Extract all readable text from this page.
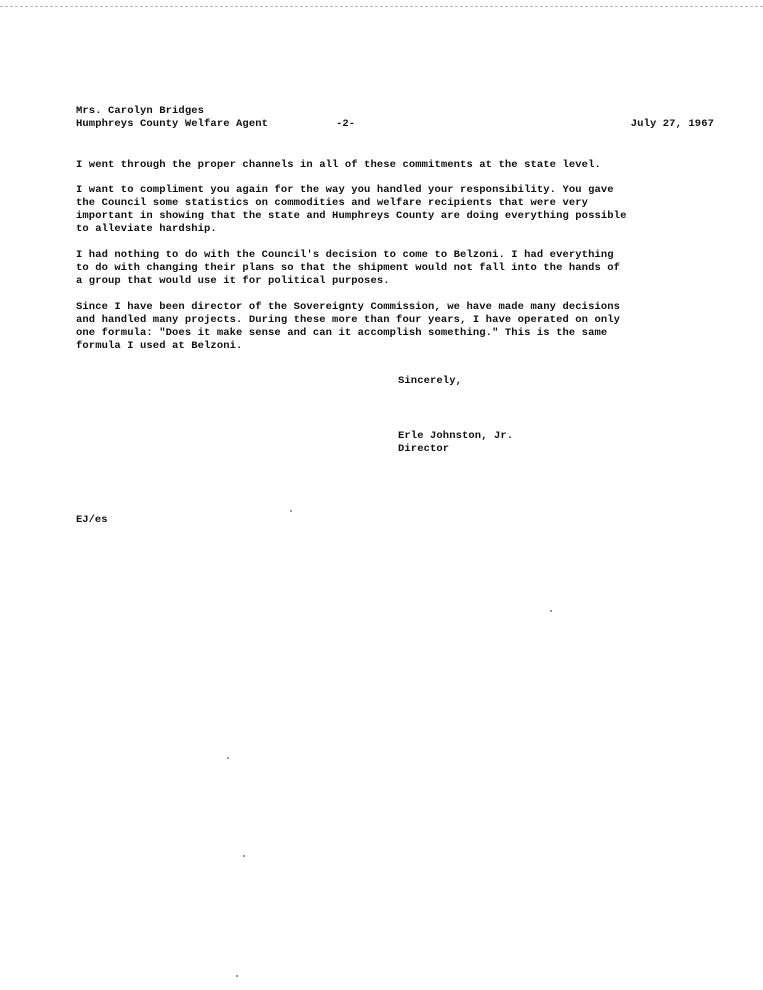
Mrs. Carolyn Bridges
Humphreys County Welfare Agent	-2-	July 27, 1967

I went through the proper channels in all of these commitments at the state level.

I want to compliment you again for the way you handled your responsibility. You gave
the Council some statistics on commodities and welfare recipients that were very
important in showing that the state and Humphreys County are doing everything possible
to alleviate hardship.

I had nothing to do with the Council's decision to come to Belzoni. I had everything
to do with changing their plans so that the shipment would not fall into the hands of
a group that would use it for political purposes.

Since I have been director of the Sovereignty Commission, we have made many decisions
and handled many projects. During these more than four years, I have operated on only
one formula: "Does it make sense and can it accomplish something." This is the same
formula I used at Belzoni.

Sincerely,
Erle Johnston, Jr.
Director
EJ/es
